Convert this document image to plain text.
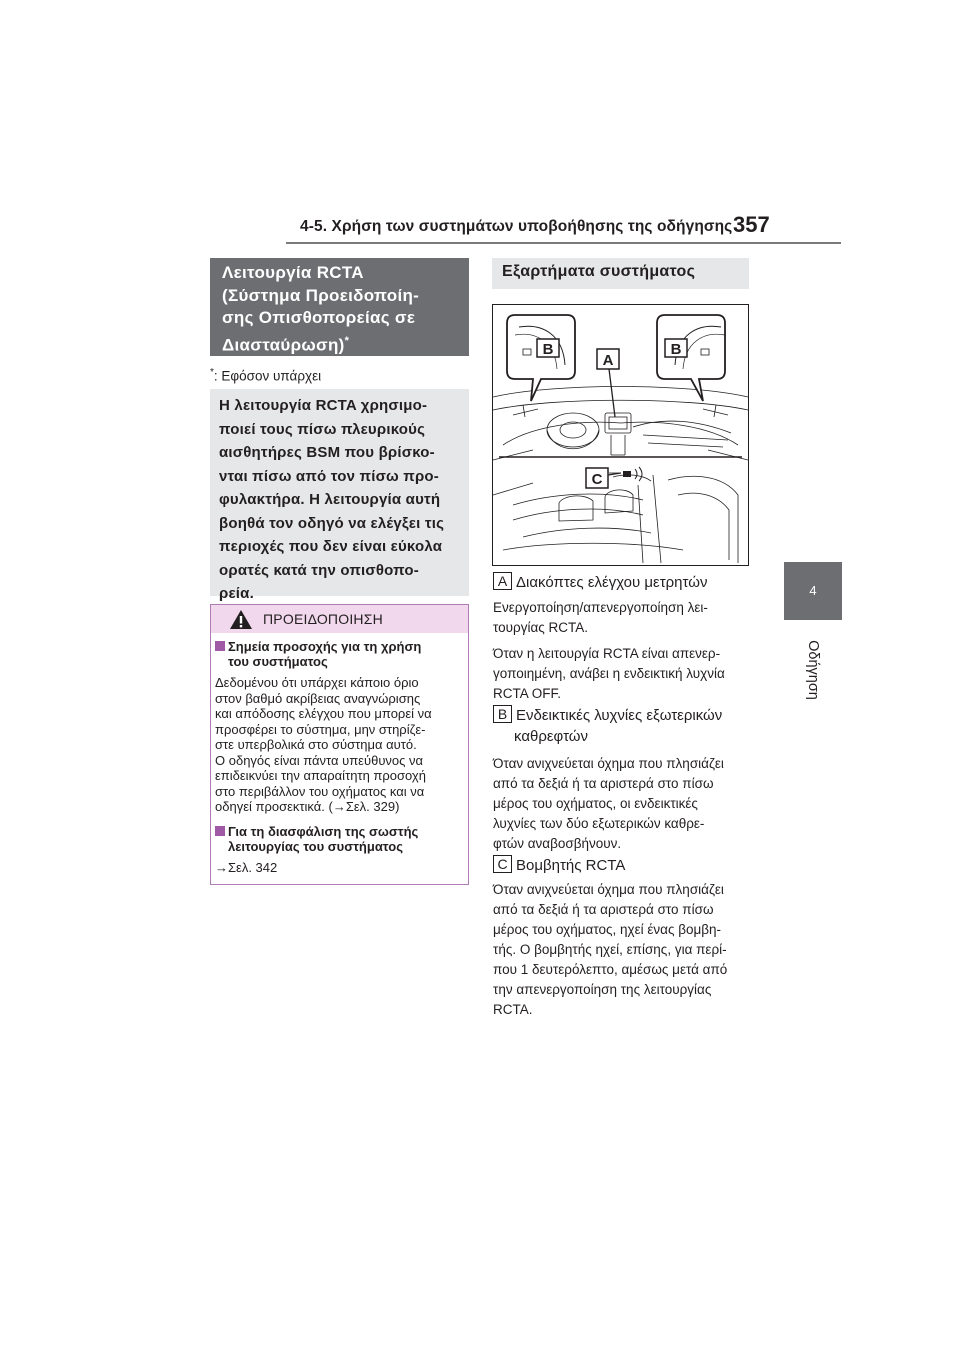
4-5. Χρήση των συστημάτων υποβοήθησης της οδήγησης 357
4
Οδήγηση
Λειτουργία RCTA
(Σύστημα Προειδοποίη-
σης Οπισθοπορείας σε
Διασταύρωση)*
*: Εφόσον υπάρχει
Η λειτουργία RCTA χρησιμο-
ποιεί τους πίσω πλευρικούς
αισθητήρες BSM που βρίσκο-
νται πίσω από τον πίσω προ-
φυλακτήρα. Η λειτουργία αυτή
βοηθά τον οδηγό να ελέγξει τις
περιοχές που δεν είναι εύκολα
ορατές κατά την οπισθοπο-
ρεία.
ΠΡΟΕΙΔΟΠΟΙΗΣΗ
Σημεία προσοχής για τη χρήση
του συστήματος
Δεδομένου ότι υπάρχει κάποιο όριο
στον βαθμό ακρίβειας αναγνώρισης
και απόδοσης ελέγχου που μπορεί να
προσφέρει το σύστημα, μην στηρίζε-
στε υπερβολικά στο σύστημα αυτό.
Ο οδηγός είναι πάντα υπεύθυνος να
επιδεικνύει την απαραίτητη προσοχή
στο περιβάλλον του οχήματος και να
οδηγεί προσεκτικά. (→Σελ. 329)
Για τη διασφάλιση της σωστής
λειτουργίας του συστήματος
→Σελ. 342
Εξαρτήματα συστήματος
B	B
A
C
A Διακόπτες ελέγχου μετρητών
Ενεργοποίηση/απενεργοποίηση λει-
τουργίας RCTA.
Όταν η λειτουργία RCTA είναι απενερ-
γοποιημένη, ανάβει η ενδεικτική λυχνία
RCTA OFF.
B Ενδεικτικές λυχνίες εξωτερικών
καθρεφτών
Όταν ανιχνεύεται όχημα που πλησιάζει
από τα δεξιά ή τα αριστερά στο πίσω
μέρος του οχήματος, οι ενδεικτικές
λυχνίες των δύο εξωτερικών καθρε-
φτών αναβοσβήνουν.
C Βομβητής RCTA
Όταν ανιχνεύεται όχημα που πλησιάζει
από τα δεξιά ή τα αριστερά στο πίσω
μέρος του οχήματος, ηχεί ένας βομβη-
τής. Ο βομβητής ηχεί, επίσης, για περί-
που 1 δευτερόλεπτο, αμέσως μετά από
την απενεργοποίηση της λειτουργίας
RCTA.
